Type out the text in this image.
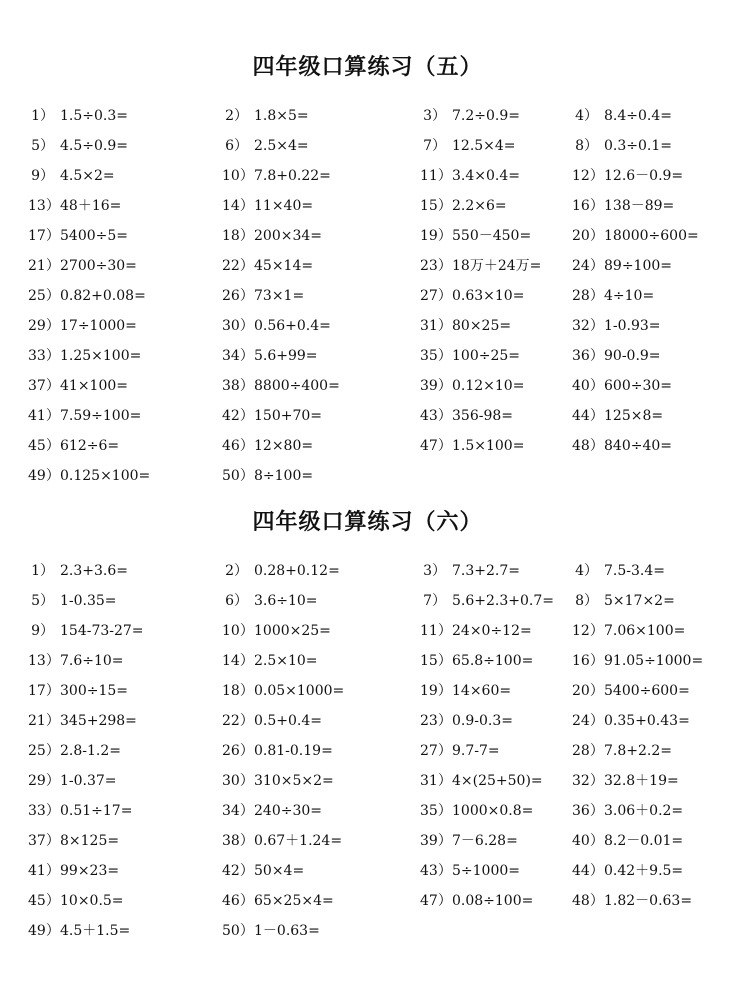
四年级口算练习（五）
1） 1.5÷0.3=	2） 1.8×5=	3） 7.2÷0.9=	4） 8.4÷0.4=
5） 4.5÷0.9=	6） 2.5×4=	7） 12.5×4=	8） 0.3÷0.1=
9） 4.5×2=	10）7.8+0.22=	11）3.4×0.4=	12）12.6－0.9=
13）48＋16=	14）11×40=	15）2.2×6=	16）138－89=
17）5400÷5=	18）200×34=	19）550－450=	20）18000÷600=
21）2700÷30=	22）45×14=	23）18万＋24万= 24）89÷100=
25）0.82+0.08=	26）73×1=	27）0.63×10=	28）4÷10=
29）17÷1000=	30）0.56+0.4=	31）80×25=	32）1-0.93=
33）1.25×100=	34）5.6+99=	35）100÷25=	36）90-0.9=
37）41×100=	38）8800÷400=	39）0.12×10=	40）600÷30=
41）7.59÷100=	42）150+70=	43）356-98=	44）125×8=
45）612÷6=	46）12×80=	47）1.5×100=	48）840÷40=
49）0.125×100=	50）8÷100=
四年级口算练习（六）
1） 2.3+3.6=	2） 0.28+0.12=	3） 7.3+2.7=	4） 7.5-3.4=
5） 1-0.35=	6） 3.6÷10=	7） 5.6+2.3+0.7= 8） 5×17×2=
9） 154-73-27=	10）1000×25=	11）24×0÷12=	12）7.06×100=
13）7.6÷10=	14）2.5×10=	15）65.8÷100=	16）91.05÷1000=
17）300÷15=	18）0.05×1000=	19）14×60=	20）5400÷600=
21）345+298=	22）0.5+0.4=	23）0.9-0.3=	24）0.35+0.43=
25）2.8-1.2=	26）0.81-0.19=	27）9.7-7=	28）7.8+2.2=
29）1-0.37=	30）310×5×2=	31）4×(25+50)= 32）32.8＋19=
33）0.51÷17=	34）240÷30=	35）1000×0.8=	36）3.06＋0.2=
37）8×125=	38）0.67＋1.24=	39）7－6.28=	40）8.2－0.01=
41）99×23=	42）50×4=	43）5÷1000=	44）0.42＋9.5=
45）10×0.5=	46）65×25×4=	47）0.08÷100=	48）1.82－0.63=
49）4.5＋1.5=	50）1－0.63=
